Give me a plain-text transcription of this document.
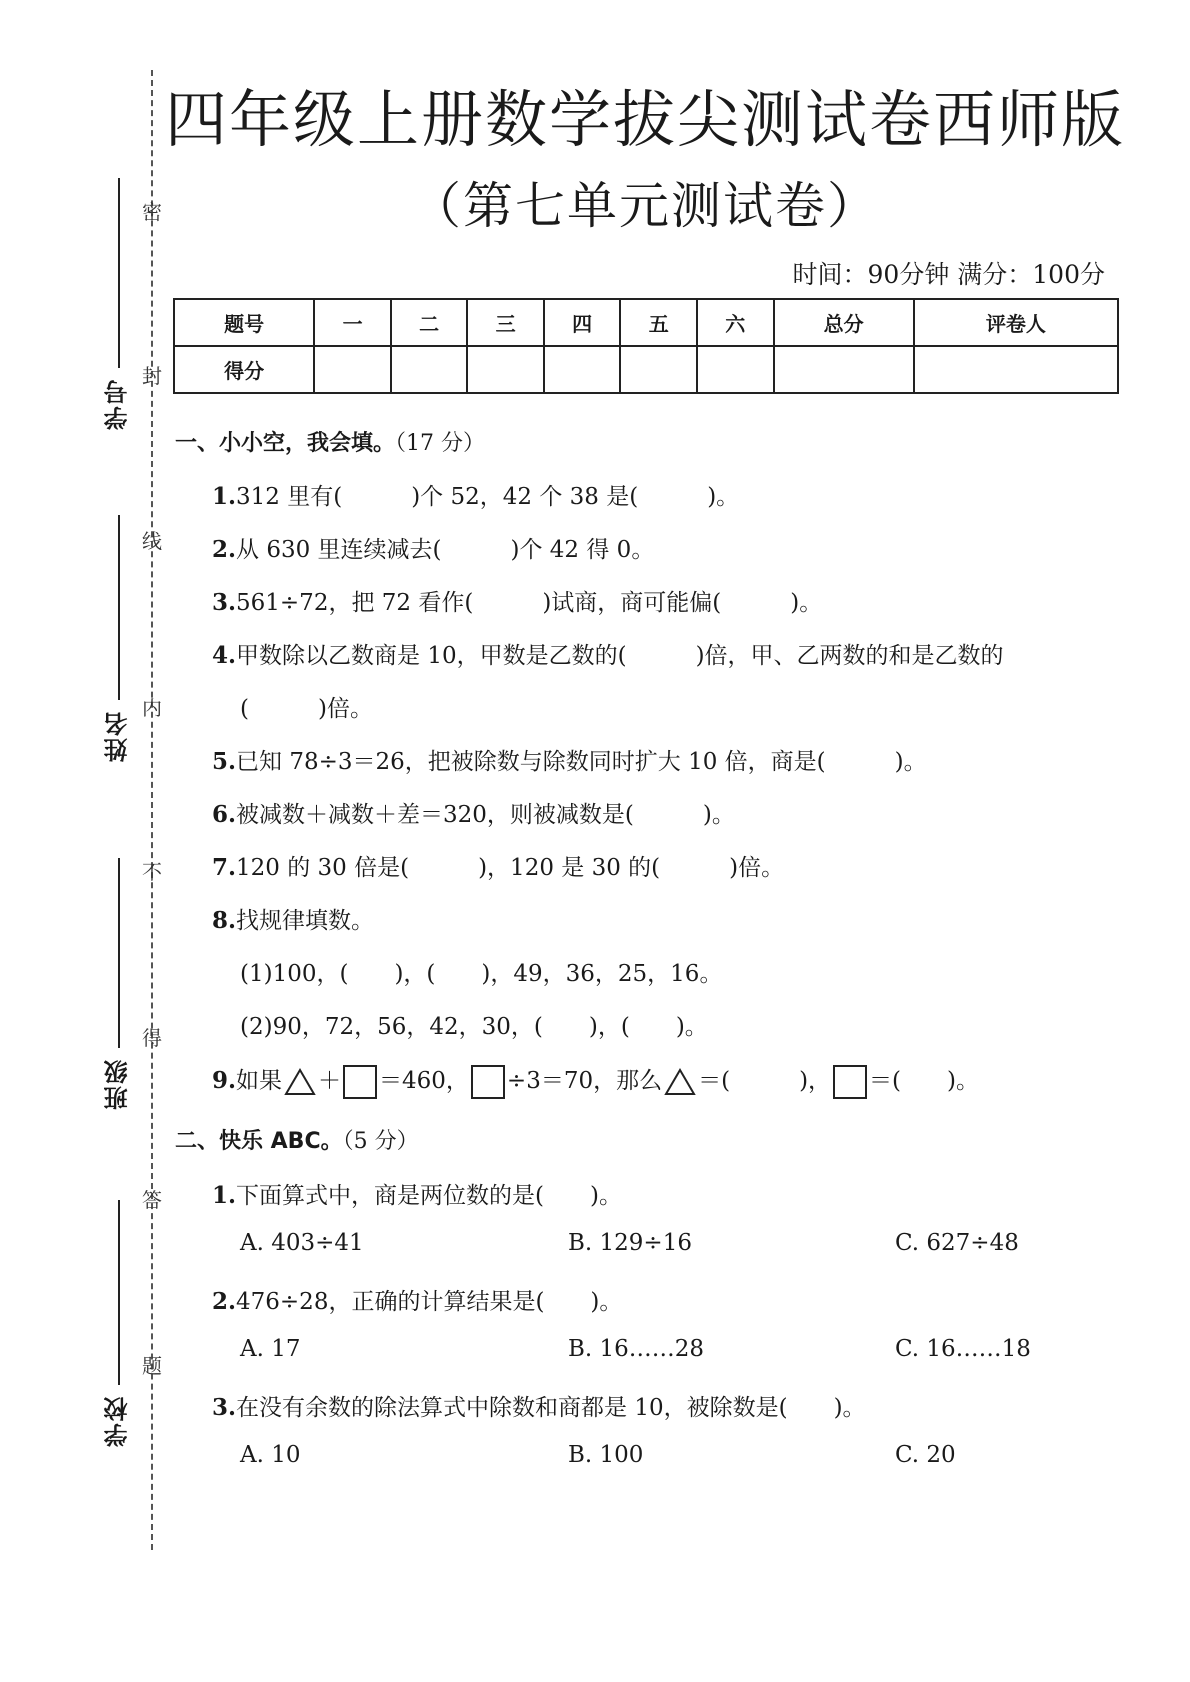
密
封
线
内
不
得
答
题
学号
姓名
班级
学校
四年级上册数学拔尖测试卷西师版
（第七单元测试卷）
时间：90分钟 满分：100分
题号	一	二	三	四	五	六	总分	评卷人
得分								
一、小小空，我会填。（17 分）
1.312 里有(　　　)个 52，42 个 38 是(　　　)。
2.从 630 里连续减去(　　　)个 42 得 0。
3.561÷72，把 72 看作(　　　)试商，商可能偏(　　　)。
4.甲数除以乙数商是 10，甲数是乙数的(　　　)倍，甲、乙两数的和是乙数的
(　　　)倍。
5.已知 78÷3＝26，把被除数与除数同时扩大 10 倍，商是(　　　)。
6.被减数＋减数＋差＝320，则被减数是(　　　)。
7.120 的 30 倍是(　　　)，120 是 30 的(　　　)倍。
8.找规律填数。
(1)100，(　　)，(　　)，49，36，25，16。
(2)90，72，56，42，30，(　　)，(　　)。
9.如果 ＋ ＝460， ÷3＝70，那么 ＝(　　　)， ＝(　　)。
二、快乐 ABC。（5 分）
1.下面算式中，商是两位数的是(　　)。
A. 403÷41	B. 129÷16	C. 627÷48
2.476÷28，正确的计算结果是(　　)。
A. 17	B. 16……28	C. 16……18
3.在没有余数的除法算式中除数和商都是 10，被除数是(　　)。
A. 10	B. 100	C. 20
